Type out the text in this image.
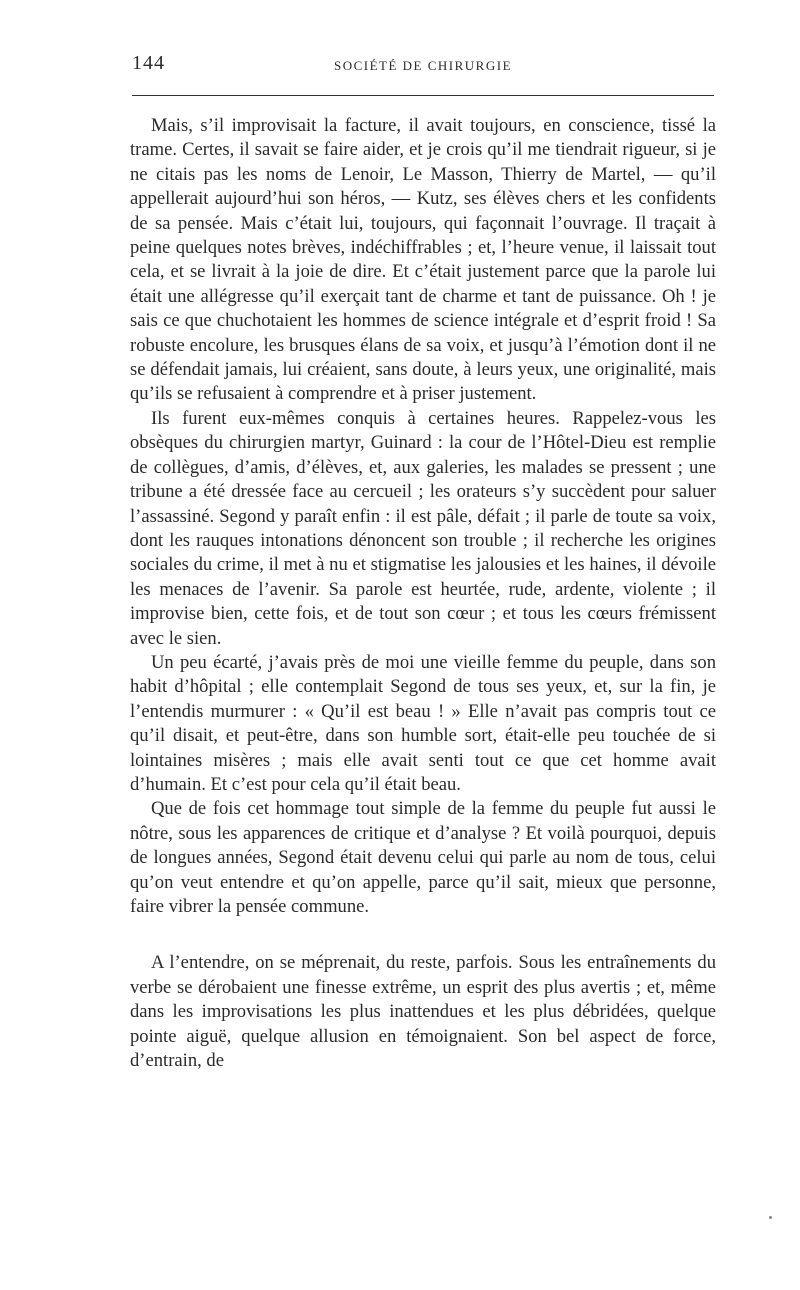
144	SOCIÉTÉ DE CHIRURGIE

Mais, s’il improvisait la facture, il avait toujours, en conscience, tissé la trame. Certes, il savait se faire aider, et je crois qu’il me tiendrait rigueur, si je ne citais pas les noms de Lenoir, Le Masson, Thierry de Martel, — qu’il appellerait aujourd’hui son héros, — Kutz, ses élèves chers et les confidents de sa pensée. Mais c’était lui, toujours, qui façonnait l’ouvrage. Il traçait à peine quelques notes brèves, indéchiffrables ; et, l’heure venue, il laissait tout cela, et se livrait à la joie de dire. Et c’était justement parce que la parole lui était une allégresse qu’il exerçait tant de charme et tant de puissance. Oh ! je sais ce que chuchotaient les hommes de science intégrale et d’esprit froid ! Sa robuste encolure, les brusques élans de sa voix, et jusqu’à l’émotion dont il ne se défendait jamais, lui créaient, sans doute, à leurs yeux, une originalité, mais qu’ils se refusaient à comprendre et à priser justement.

Ils furent eux-mêmes conquis à certaines heures. Rappelez-vous les obsèques du chirurgien martyr, Guinard : la cour de l’Hôtel-Dieu est remplie de collègues, d’amis, d’élèves, et, aux galeries, les malades se pressent ; une tribune a été dressée face au cercueil ; les orateurs s’y succèdent pour saluer l’assassiné. Segond y paraît enfin : il est pâle, défait ; il parle de toute sa voix, dont les rauques intonations dénoncent son trouble ; il recherche les origines sociales du crime, il met à nu et stigmatise les jalousies et les haines, il dévoile les menaces de l’avenir. Sa parole est heurtée, rude, ardente, violente ; il improvise bien, cette fois, et de tout son cœur ; et tous les cœurs frémissent avec le sien.

Un peu écarté, j’avais près de moi une vieille femme du peuple, dans son habit d’hôpital ; elle contemplait Segond de tous ses yeux, et, sur la fin, je l’entendis murmurer : « Qu’il est beau ! » Elle n’avait pas compris tout ce qu’il disait, et peut-être, dans son humble sort, était-elle peu touchée de si lointaines misères ; mais elle avait senti tout ce que cet homme avait d’humain. Et c’est pour cela qu’il était beau.

Que de fois cet hommage tout simple de la femme du peuple fut aussi le nôtre, sous les apparences de critique et d’analyse ? Et voilà pourquoi, depuis de longues années, Segond était devenu celui qui parle au nom de tous, celui qu’on veut entendre et qu’on appelle, parce qu’il sait, mieux que personne, faire vibrer la pensée commune.

A l’entendre, on se méprenait, du reste, parfois. Sous les entraînements du verbe se dérobaient une finesse extrême, un esprit des plus avertis ; et, même dans les improvisations les plus inattendues et les plus débridées, quelque pointe aiguë, quelque allusion en témoignaient. Son bel aspect de force, d’entrain, de
